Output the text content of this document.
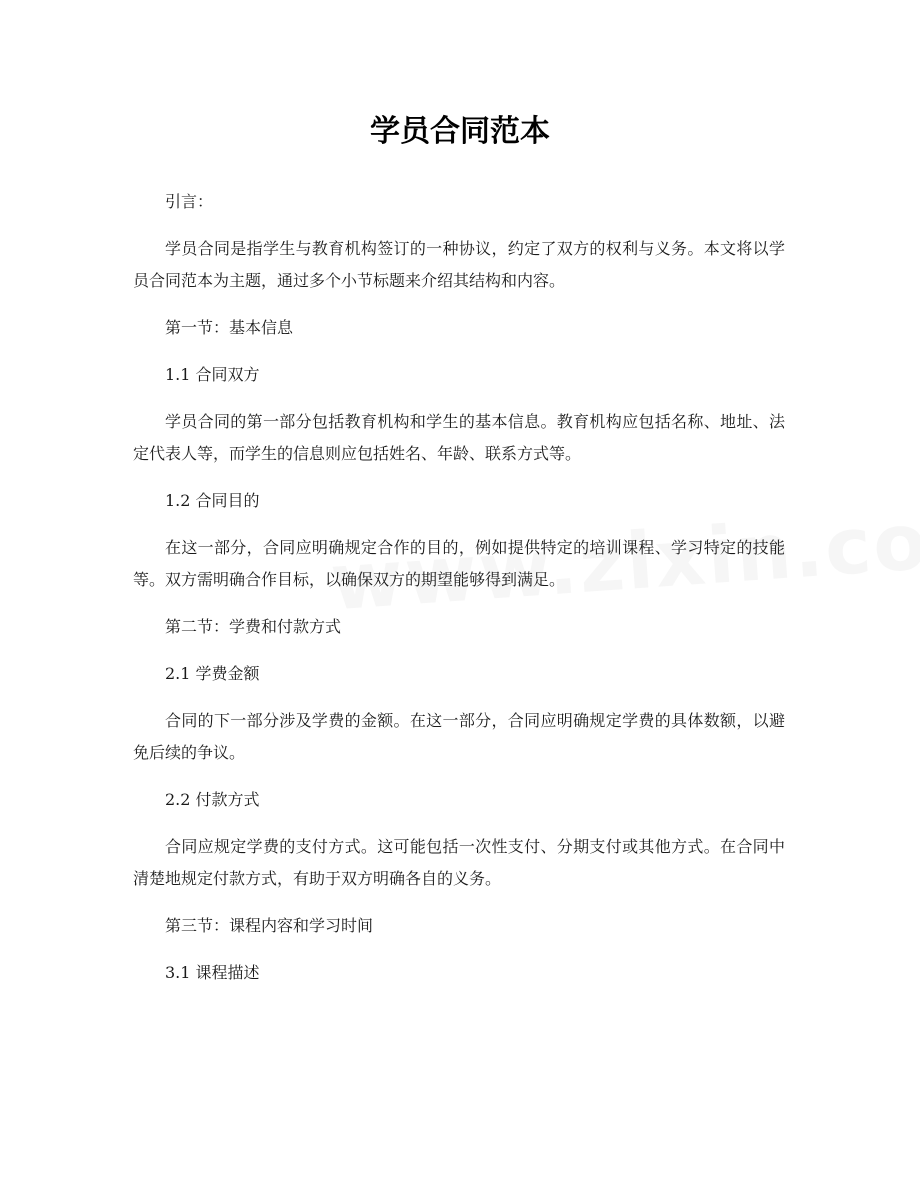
学员合同范本

引言：

学员合同是指学生与教育机构签订的一种协议，约定了双方的权利与义务。本文将以学员合同范本为主题，通过多个小节标题来介绍其结构和内容。

第一节：基本信息

1.1 合同双方

学员合同的第一部分包括教育机构和学生的基本信息。教育机构应包括名称、地址、法定代表人等，而学生的信息则应包括姓名、年龄、联系方式等。

1.2 合同目的

在这一部分，合同应明确规定合作的目的，例如提供特定的培训课程、学习特定的技能等。双方需明确合作目标，以确保双方的期望能够得到满足。

第二节：学费和付款方式

2.1 学费金额

合同的下一部分涉及学费的金额。在这一部分，合同应明确规定学费的具体数额，以避免后续的争议。

2.2 付款方式

合同应规定学费的支付方式。这可能包括一次性支付、分期支付或其他方式。在合同中清楚地规定付款方式，有助于双方明确各自的义务。

第三节：课程内容和学习时间

3.1 课程描述
